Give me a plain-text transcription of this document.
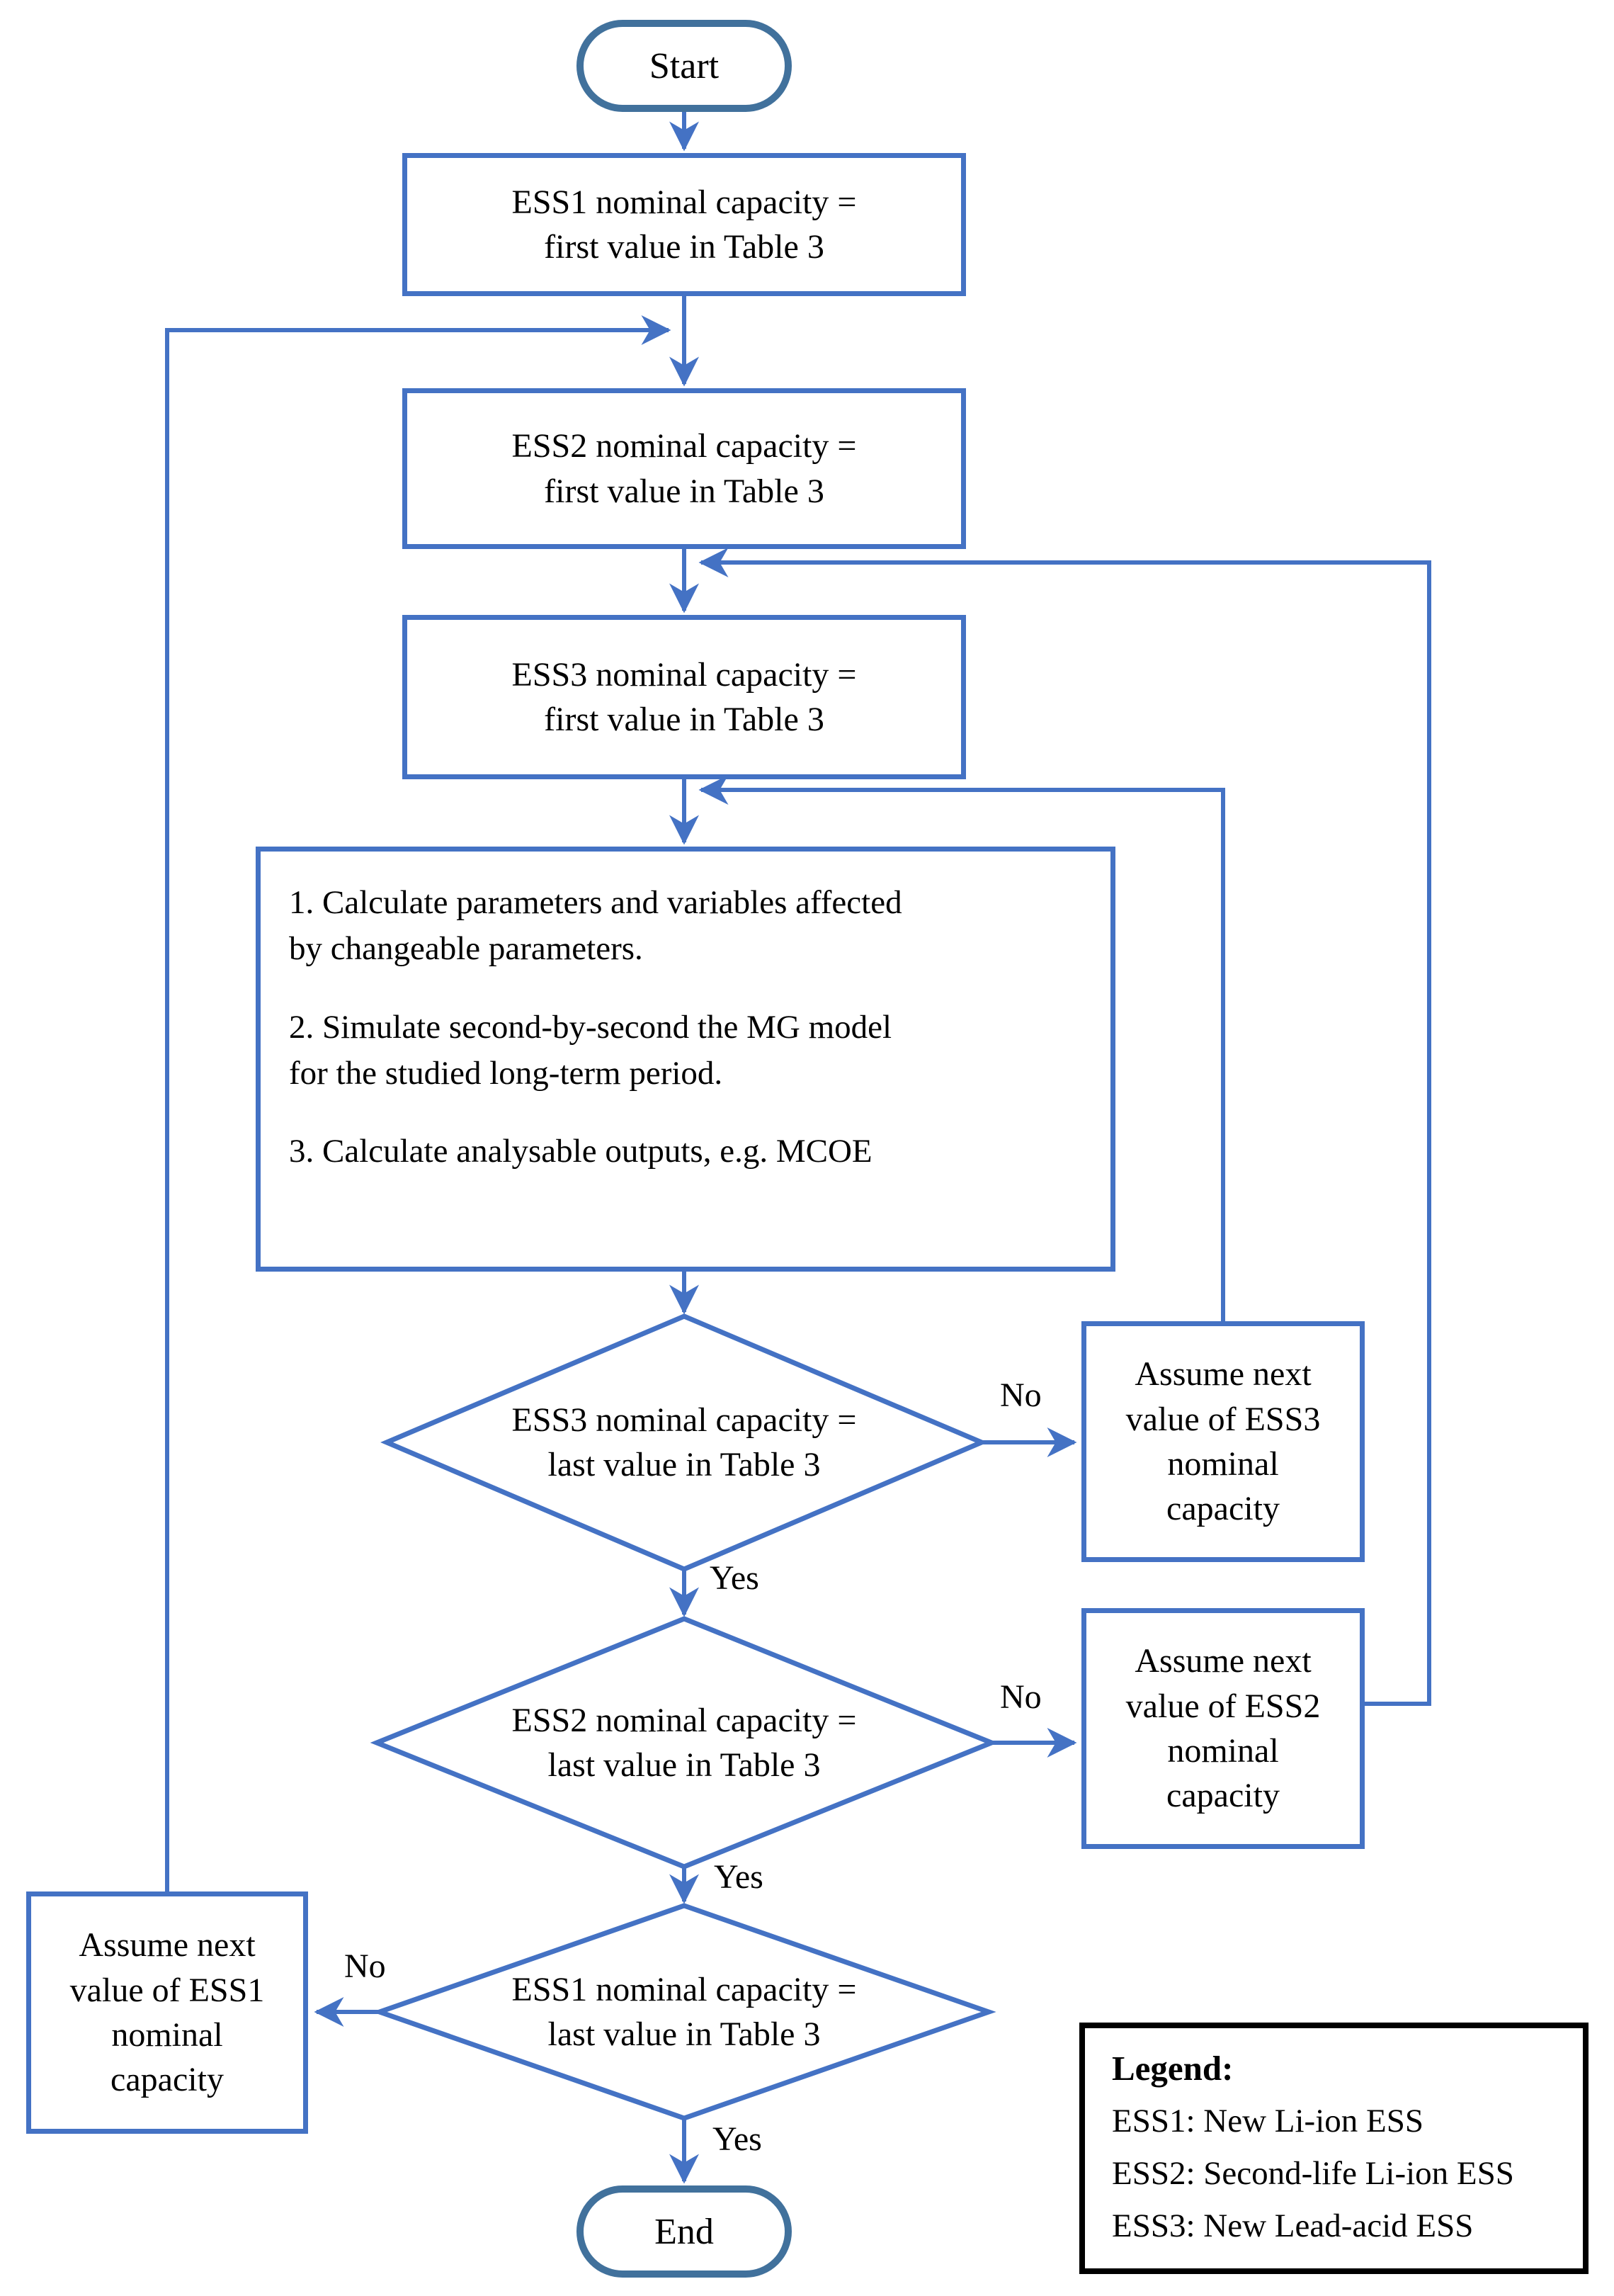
Start
ESS1 nominal capacity =
first value in Table 3
ESS2 nominal capacity =
first value in Table 3
ESS3 nominal capacity =
first value in Table 3

1. Calculate parameters and variables affected
by changeable parameters.

2. Simulate second-by-second the MG model
for the studied long-term period.

3. Calculate analysable outputs, e.g. MCOE

ESS3 nominal capacity =
last value in Table 3
ESS2 nominal capacity =
last value in Table 3
ESS1 nominal capacity =
last value in Table 3
Assume next
value of ESS3
nominal
capacity
Assume next
value of ESS2
nominal
capacity
Assume next
value of ESS1
nominal
capacity
No
Yes
No
Yes
No
Yes
End
Legend:
ESS1: New Li-ion ESS
ESS2: Second-life Li-ion ESS
ESS3: New Lead-acid ESS
